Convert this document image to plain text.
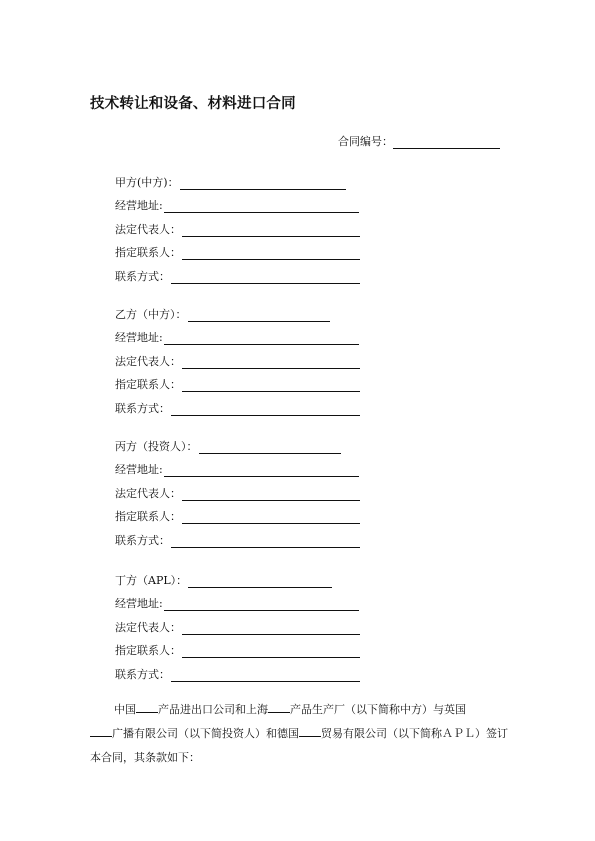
技术转让和设备、材料进口合同
合同编号：
甲方(中方)：
经营地址:
法定代表人：
指定联系人：
联系方式：
乙方（中方）：
经营地址:
法定代表人：
指定联系人：
联系方式：
丙方（投资人）：
经营地址:
法定代表人：
指定联系人：
联系方式：
丁方（APL）：
经营地址:
法定代表人：
指定联系人：
联系方式：
中国 产品进出口公司和上海 产品生产厂（以下简称中方）与英国
广播有限公司（以下简投资人）和德国 贸易有限公司（以下简称ＡＰＬ）签订本合同，其条款如下：
